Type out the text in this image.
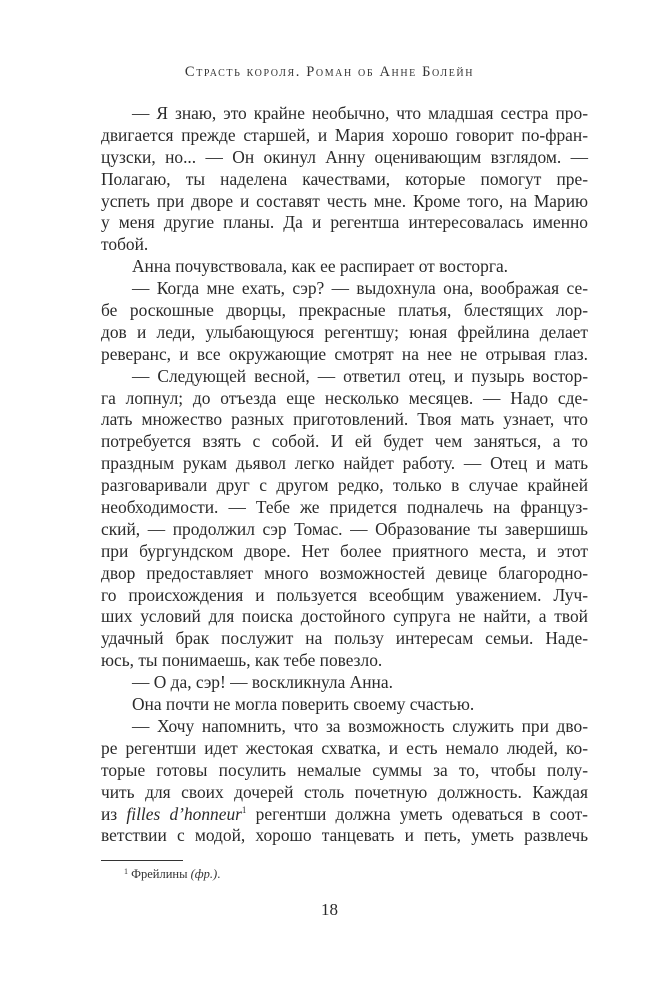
Страсть короля. Роман об Анне Болейн
— Я знаю, это крайне необычно, что младшая сестра про-
двигается прежде старшей, и Мария хорошо говорит по-фран-
цузски, но... — Он окинул Анну оценивающим взглядом. —
Полагаю, ты наделена качествами, которые помогут пре-
успеть при дворе и составят честь мне. Кроме того, на Марию
у меня другие планы. Да и регентша интересовалась именно
тобой.
Анна почувствовала, как ее распирает от восторга.
— Когда мне ехать, сэр? — выдохнула она, воображая се-
бе роскошные дворцы, прекрасные платья, блестящих лор-
дов и леди, улыбающуюся регентшу; юная фрейлина делает
реверанс, и все окружающие смотрят на нее не отрывая глаз.
— Следующей весной, — ответил отец, и пузырь востор-
га лопнул; до отъезда еще несколько месяцев. — Надо сде-
лать множество разных приготовлений. Твоя мать узнает, что
потребуется взять с собой. И ей будет чем заняться, а то
праздным рукам дьявол легко найдет работу. — Отец и мать
разговаривали друг с другом редко, только в случае крайней
необходимости. — Тебе же придется подналечь на француз-
ский, — продолжил сэр Томас. — Образование ты завершишь
при бургундском дворе. Нет более приятного места, и этот
двор предоставляет много возможностей девице благородно-
го происхождения и пользуется всеобщим уважением. Луч-
ших условий для поиска достойного супруга не найти, а твой
удачный брак послужит на пользу интересам семьи. Наде-
юсь, ты понимаешь, как тебе повезло.
— О да, сэр! — воскликнула Анна.
Она почти не могла поверить своему счастью.
— Хочу напомнить, что за возможность служить при дво-
ре регентши идет жестокая схватка, и есть немало людей, ко-
торые готовы посулить немалые суммы за то, чтобы полу-
чить для своих дочерей столь почетную должность. Каждая
из filles d’honneur$^1$ регентши должна уметь одеваться в соот-
ветствии с модой, хорошо танцевать и петь, уметь развлечь
$^1$ Фрейлины (фр.).
18
